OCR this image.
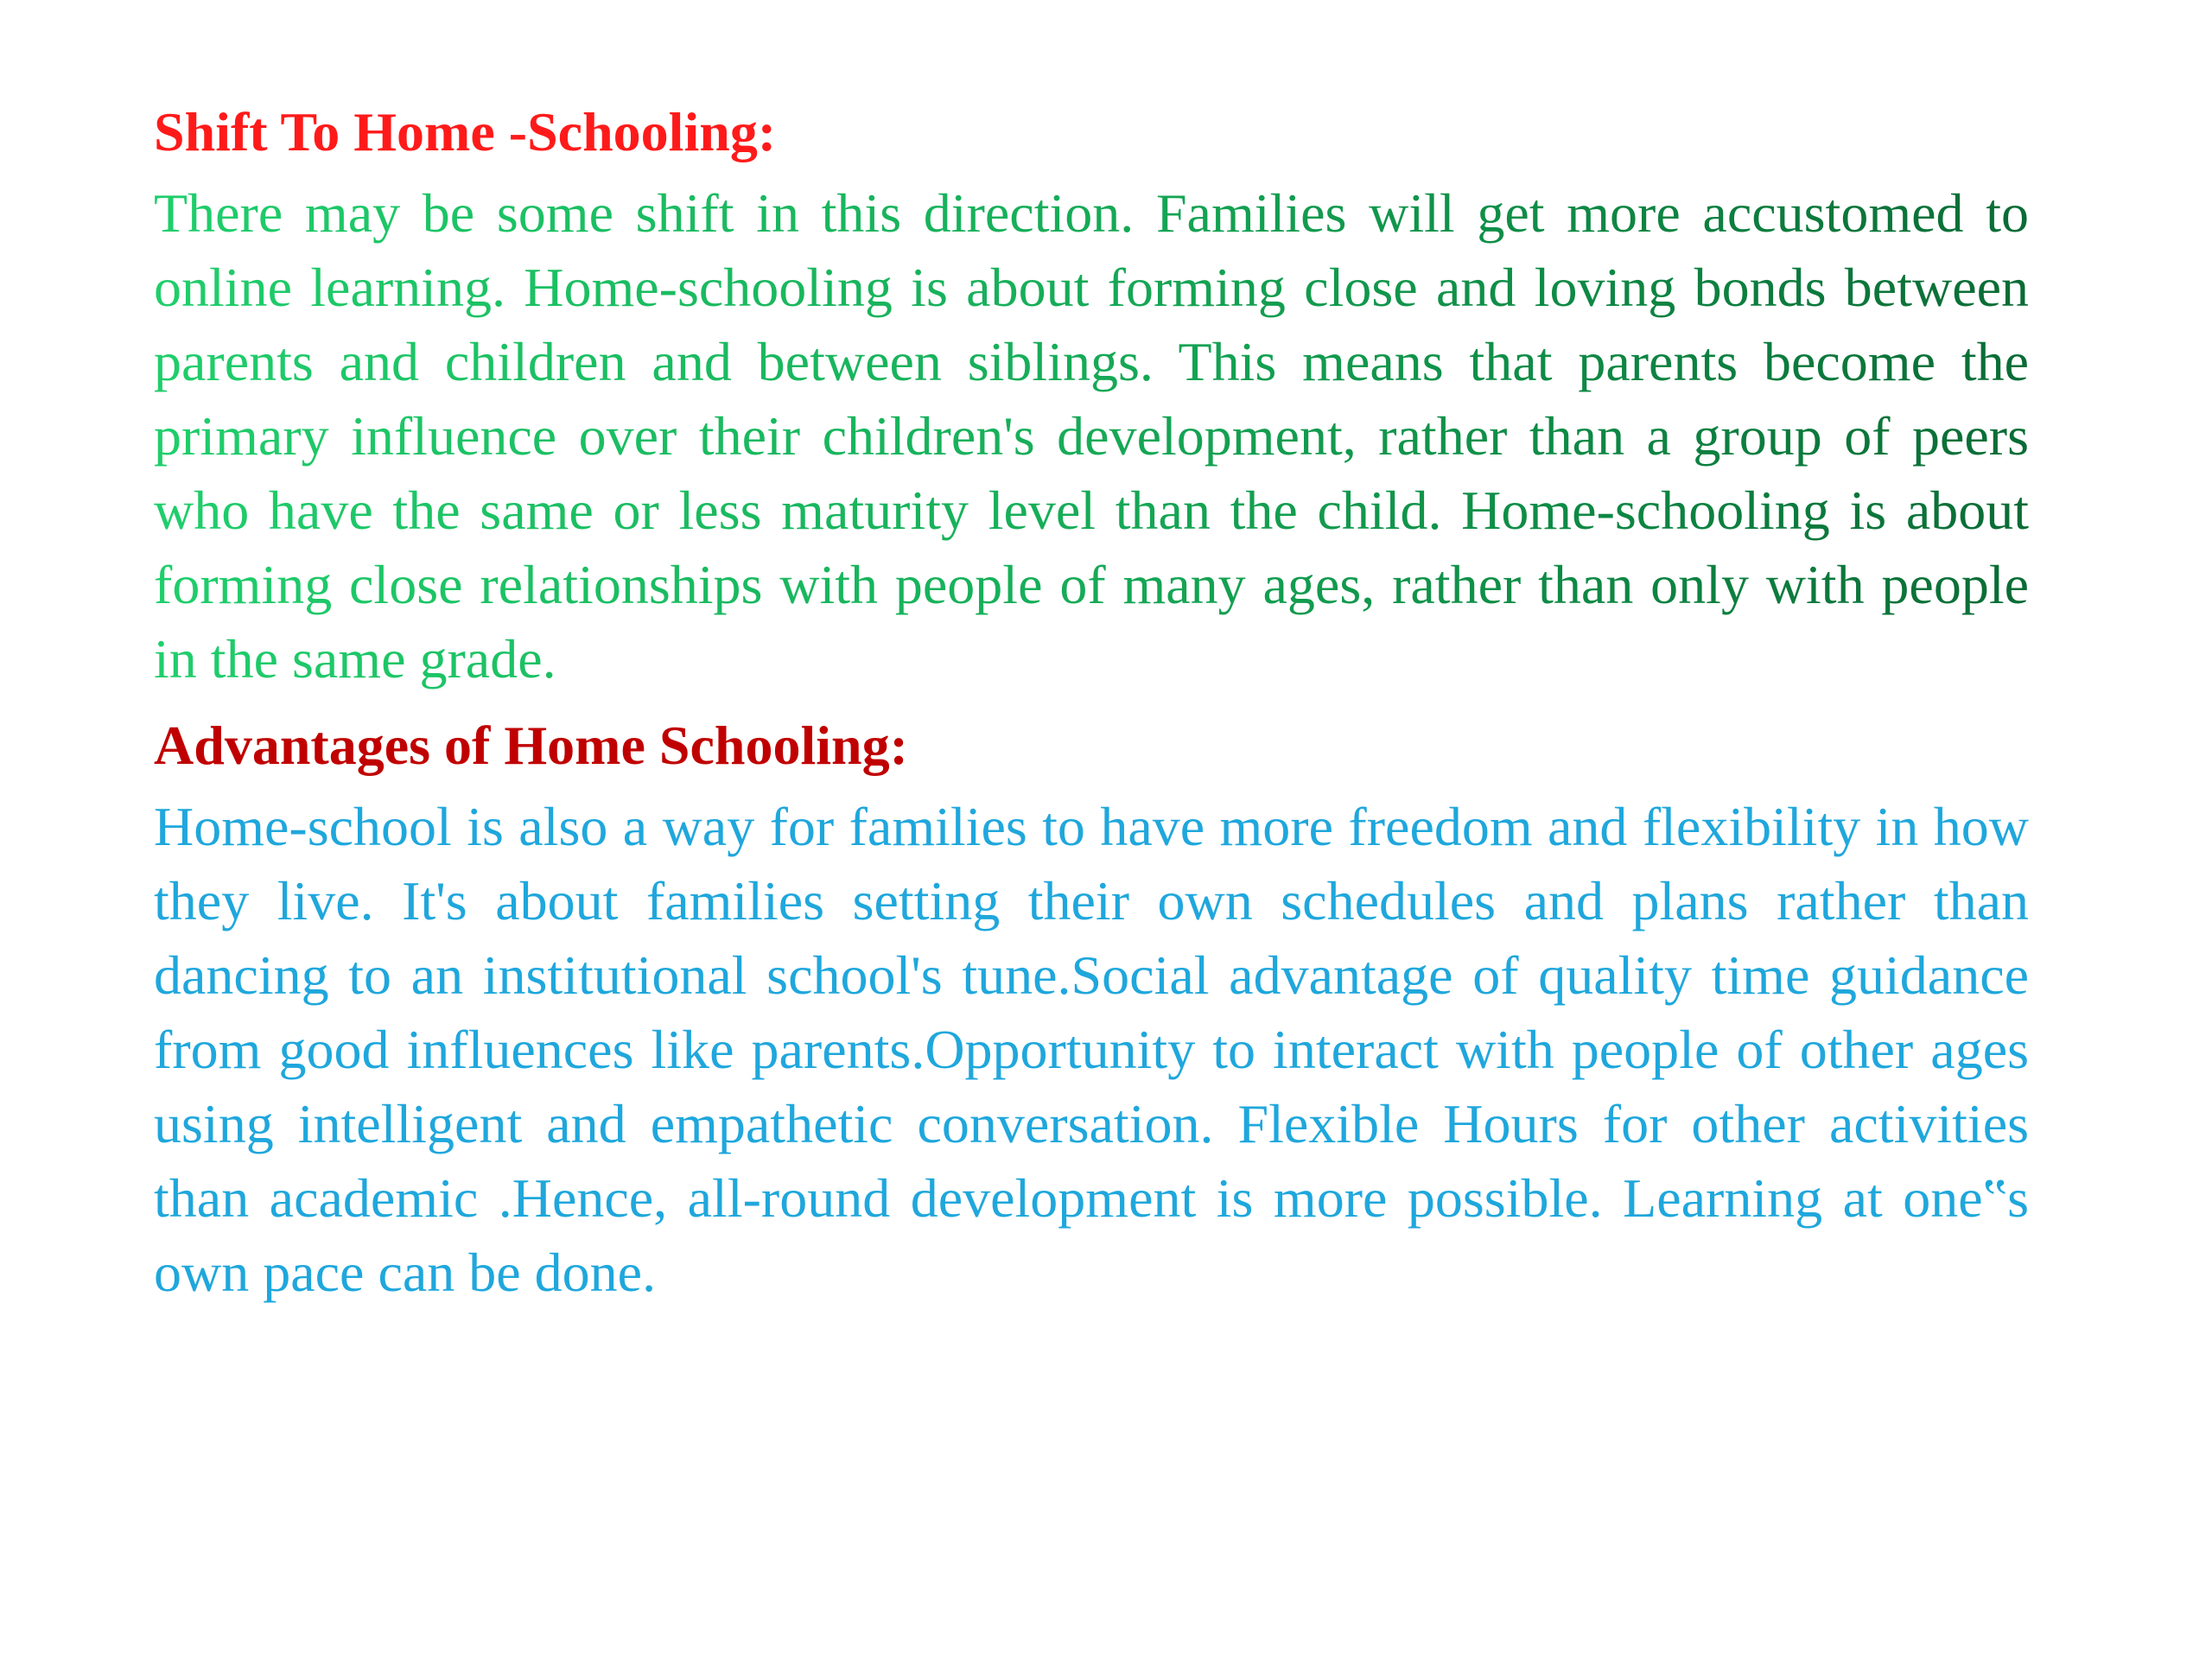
Shift To Home -Schooling:

There may be some shift in this direction. Families will get more accustomed to online learning. Home-schooling is about forming close and loving bonds between parents and children and between siblings. This means that parents become the primary influence over their children's development, rather than a group of peers who have the same or less maturity level than the child. Home-schooling is about forming close relationships with people of many ages, rather than only with people in the same grade.

Advantages of Home Schooling:

Home-school is also a way for families to have more freedom and flexibility in how they live. It's about families setting their own schedules and plans rather than dancing to an institutional school's tune.Social advantage of quality time guidance from good influences like parents.Opportunity to interact with people of other ages using intelligent and empathetic conversation. Flexible Hours for other activities than academic .Hence, all-round development is more possible. Learning at one‟s own pace can be done.
